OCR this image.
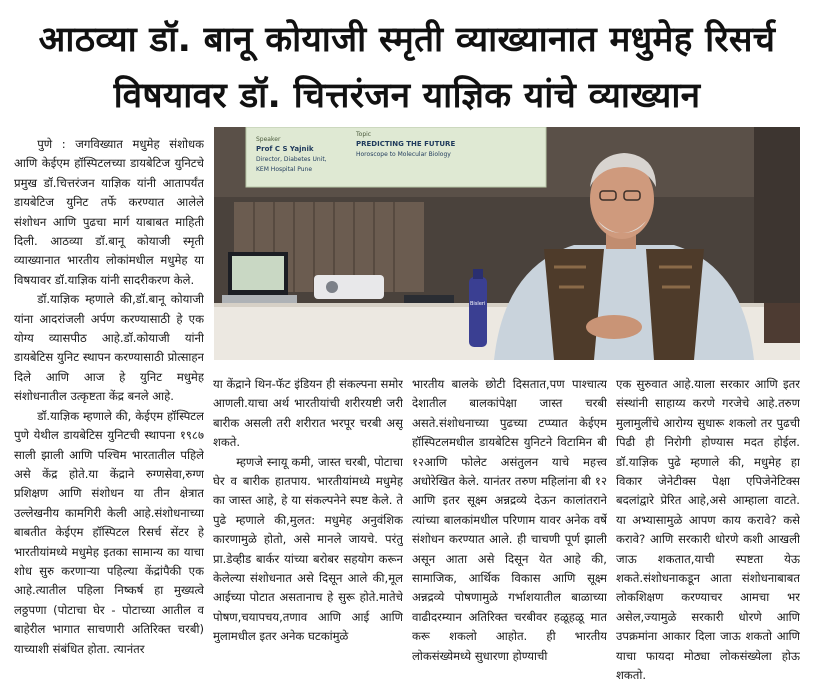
आठव्या डॉ. बानू कोयाजी स्मृती व्याख्यानात मधुमेह रिसर्च
विषयावर डॉ. चित्तरंजन याज्ञिक यांचे व्याख्यान
Speaker
Prof C S Yajnik
Director, Diabetes Unit,
KEM Hospital Pune
Topic
PREDICTING THE FUTURE
Horoscope to Molecular Biology
Bisleri

पुणे : जगविख्यात मधुमेह संशोधक आणि केईएम हॉस्पिटलच्या डायबेटिज युनिटचे प्रमुख डॉ.चित्तरंजन याज्ञिक यांनी आतापर्यंत डायबेटिज युनिट तर्फे करण्यात आलेले संशोधन आणि पुढचा मार्ग याबाबत माहिती दिली. आठव्या डॉ.बानू कोयाजी स्मृती व्याख्यानात भारतीय लोकांमधील मधुमेह या विषयावर डॉ.याज्ञिक यांनी सादरीकरण केले.

डॉ.याज्ञिक म्हणाले की,डॉ.बानू कोयाजी यांना आदरांजली अर्पण करण्यासाठी हे एक योग्य व्यासपीठ आहे.डॉ.कोयाजी यांनी डायबेटिस युनिट स्थापन करण्यासाठी प्रोत्साहन दिले आणि आज हे युनिट मधुमेह संशोधनातील उत्कृष्टता केंद्र बनले आहे.

डॉ.याज्ञिक म्हणाले की, केईएम हॉस्पिटल पुणे येथील डायबेटिस युनिटची स्थापना १९८७ साली झाली आणि पश्चिम भारतातील पहिले असे केंद्र होते.या केंद्राने रुग्णसेवा,रुग्ण प्रशिक्षण आणि संशोधन या तीन क्षेत्रात उल्लेखनीय कामगिरी केली आहे.संशोधनाच्या बाबतीत केईएम हॉस्पिटल रिसर्च सेंटर हे भारतीयांमध्ये मधुमेह इतका सामान्य का याचा शोध सुरु करणाऱ्या पहिल्या केंद्रांपैकी एक आहे.त्यातील पहिला निष्कर्ष हा मुख्यत्वे लठ्ठपणा (पोटाचा घेर - पोटाच्या आतील व बाहेरील भागात साचणारी अतिरिक्त चरबी) याच्याशी संबंधित होता. त्यानंतर

या केंद्राने थिन-फॅट इंडियन ही संकल्पना समोर आणली.याचा अर्थ भारतीयांची शरीरयष्टी जरी बारीक असली तरी शरीरात भरपूर चरबी असू शकते.

म्हणजे स्नायू कमी, जास्त चरबी, पोटाचा घेर व बारीक हातपाय. भारतीयांमध्ये मधुमेह का जास्त आहे, हे या संकल्पनेने स्पष्ट केले. ते पुढे म्हणाले की,मुलत: मधुमेह अनुवंशिक कारणामुळे होतो, असे मानले जायचे. परंतु प्रा.डेव्हीड बार्कर यांच्या बरोबर सहयोग करून केलेल्या संशोधनात असे दिसून आले की,मूल आईच्या पोटात असतानाच हे सुरू होते.मातेचे पोषण,चयापचय,तणाव आणि आई आणि मुलामधील इतर अनेक घटकांमुळे

भारतीय बालके छोटी दिसतात,पण पाश्चात्य देशातील बालकांपेक्षा जास्त चरबी असते.संशोधनाच्या पुढच्या टप्प्यात केईएम हॉस्पिटलमधील डायबेटिस युनिटने विटामिन बी १२आणि फोलेट असंतुलन याचे महत्त्व अधोरेखित केले. यानंतर तरुण महिलांना बी १२ आणि इतर सूक्ष्म अन्नद्रव्ये देऊन कालांतराने त्यांच्या बालकांमधील परिणाम यावर अनेक वर्षे संशोधन करण्यात आले. ही चाचणी पूर्ण झाली असून आता असे दिसून येत आहे की, सामाजिक, आर्थिक विकास आणि सूक्ष्म अन्नद्रव्ये पोषणामुळे गर्भाशयातील बाळाच्या वाढीदरम्यान अतिरिक्त चरबीवर हळूहळू मात करू शकलो आहोत. ही भारतीय लोकसंख्येमध्ये सुधारणा होण्याची

एक सुरुवात आहे.याला सरकार आणि इतर संस्थांनी साहाय्य करणे गरजेचे आहे.तरुण मुलामुलींचे आरोग्य सुधारू शकलो तर पुढची पिढी ही निरोगी होण्यास मदत होईल. डॉ.याज्ञिक पुढे म्हणाले की, मधुमेह हा विकार जेनेटीक्स पेक्षा एपिजेनेटिक्स बदलांद्वारे प्रेरित आहे,असे आम्हाला वाटते. या अभ्यासामुळे आपण काय करावे? कसे करावे? आणि सरकारी धोरणे कशी आखली जाऊ शकतात,याची स्पष्टता येऊ शकते.संशोधनाकडून आता संशोधनाबाबत लोकशिक्षण करण्याचर आमचा भर असेल,ज्यामुळे सरकारी धोरणे आणि उपक्रमांना आकार दिला जाऊ शकतो आणि याचा फायदा मोठ्या लोकसंख्येला होऊ शकतो.
